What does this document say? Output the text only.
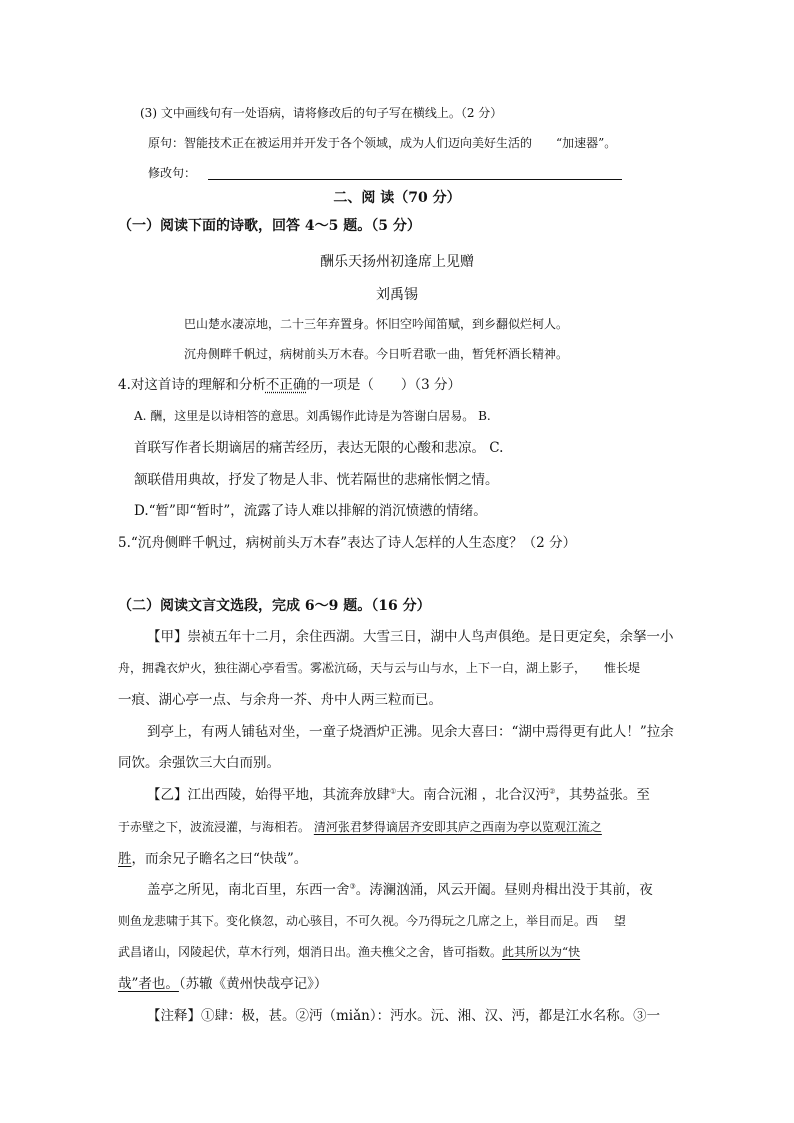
(3) 文中画线句有一处语病，请将修改后的句子写在横线上。（2 分）
原句：智能技术正在被运用并开发于各个领域，成为人们迈向美好生活的　　“加速器”。
修改句：
二、阅 读（70 分）
（一）阅读下面的诗歌，回答 4～5 题。（5 分）
酬乐天扬州初逢席上见赠
刘禹锡
巴山楚水凄凉地，二十三年弃置身。怀旧空吟闻笛赋，到乡翻似烂柯人。
沉舟侧畔千帆过，病树前头万木春。今日听君歌一曲，暂凭杯酒长精神。
4.对这首诗的理解和分析不正确的一项是（　　）（3 分）
A. 酬，这里是以诗相答的意思。刘禹锡作此诗是为答谢白居易。 B.
首联写作者长期谪居的痛苦经历，表达无限的心酸和悲凉。 C.
颔联借用典故，抒发了物是人非、恍若隔世的悲痛怅惘之情。
D.“暂”即“暂时”，流露了诗人难以排解的消沉愤懑的情绪。
5.“沉舟侧畔千帆过，病树前头万木春”表达了诗人怎样的人生态度？（2 分）
（二）阅读文言文选段，完成 6～9 题。（16 分）
【甲】崇祯五年十二月，余住西湖。大雪三日，湖中人鸟声俱绝。是日更定矣，余拏一小
舟，拥毳衣炉火，独往湖心亭看雪。雾凇沆砀，天与云与山与水，上下一白，湖上影子，　　惟长堤
一痕、湖心亭一点、与余舟一芥、舟中人两三粒而已。
到亭上，有两人铺毡对坐，一童子烧酒炉正沸。见余大喜曰：“湖中焉得更有此人！”拉余
同饮。余强饮三大白而别。
【乙】江出西陵，始得平地，其流奔放肆①大。南合沅湘 ，北合汉沔②，其势益张。至
于赤壁之下，波流浸灌，与海相若。 清河张君梦得谪居齐安即其庐之西南为亭以览观江流之
胜，而余兄子瞻名之曰“快哉”。
盖亭之所见，南北百里，东西一舍③。涛澜汹涌，风云开阖。昼则舟楫出没于其前，夜
则鱼龙悲啸于其下。变化倏忽，动心骇目，不可久视。今乃得玩之几席之上，举目而足。西　 望
武昌诸山，冈陵起伏，草木行列，烟消日出。渔夫樵父之舍，皆可指数。此其所以为“快
哉”者也。（苏辙《黄州快哉亭记》）
【注释】①肆：极，甚。②沔（miǎn）：沔水。沅、湘、汉、沔，都是江水名称。③一
